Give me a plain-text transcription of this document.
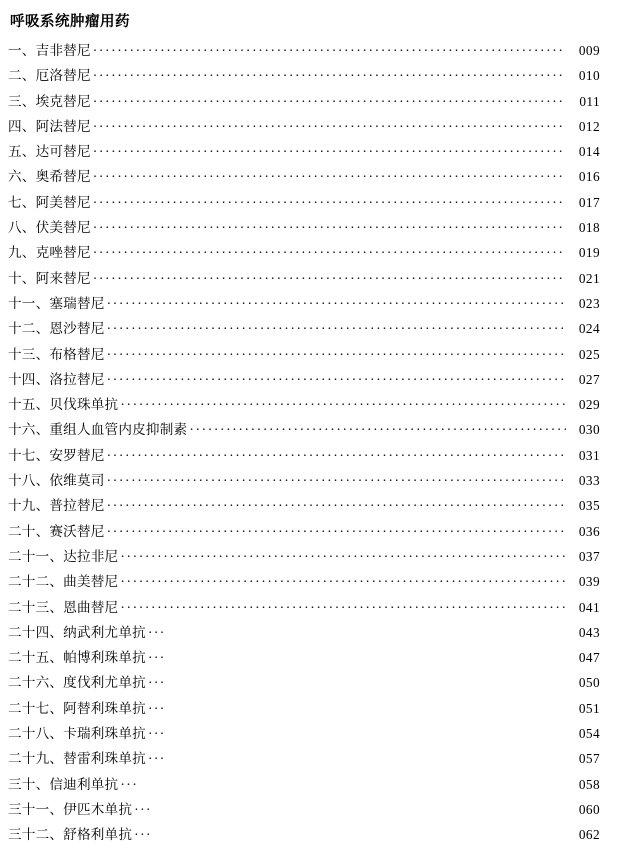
呼吸系统肿瘤用药
一、吉非替尼 ·····	009
二、厄洛替尼 ·····	010
三、埃克替尼 ·····	011
四、阿法替尼 ·····	012
五、达可替尼 ·····	014
六、奥希替尼 ·····	016
七、阿美替尼 ·····	017
八、伏美替尼 ·····	018
九、克唑替尼 ·····	019
十、阿来替尼 ·····	021
十一、塞瑞替尼 ·····	023
十二、恩沙替尼 ·····	024
十三、布格替尼 ·····	025
十四、洛拉替尼 ·····	027
十五、贝伐珠单抗 ·····	029
十六、重组人血管内皮抑制素 ·····	030
十七、安罗替尼 ·····	031
十八、依维莫司 ·····	033
十九、普拉替尼 ·····	035
二十、赛沃替尼 ·····	036
二十一、达拉非尼 ·····	037
二十二、曲美替尼 ·····	039
二十三、恩曲替尼 ·····	041
二十四、纳武利尤单抗 ···	043
二十五、帕博利珠单抗 ···	047
二十六、度伐利尤单抗 ···	050
二十七、阿替利珠单抗 ···	051
二十八、卡瑞利珠单抗 ···	054
二十九、替雷利珠单抗 ···	057
三十、信迪利单抗 ···	058
三十一、伊匹木单抗 ···	060
三十二、舒格利单抗 ···	062
